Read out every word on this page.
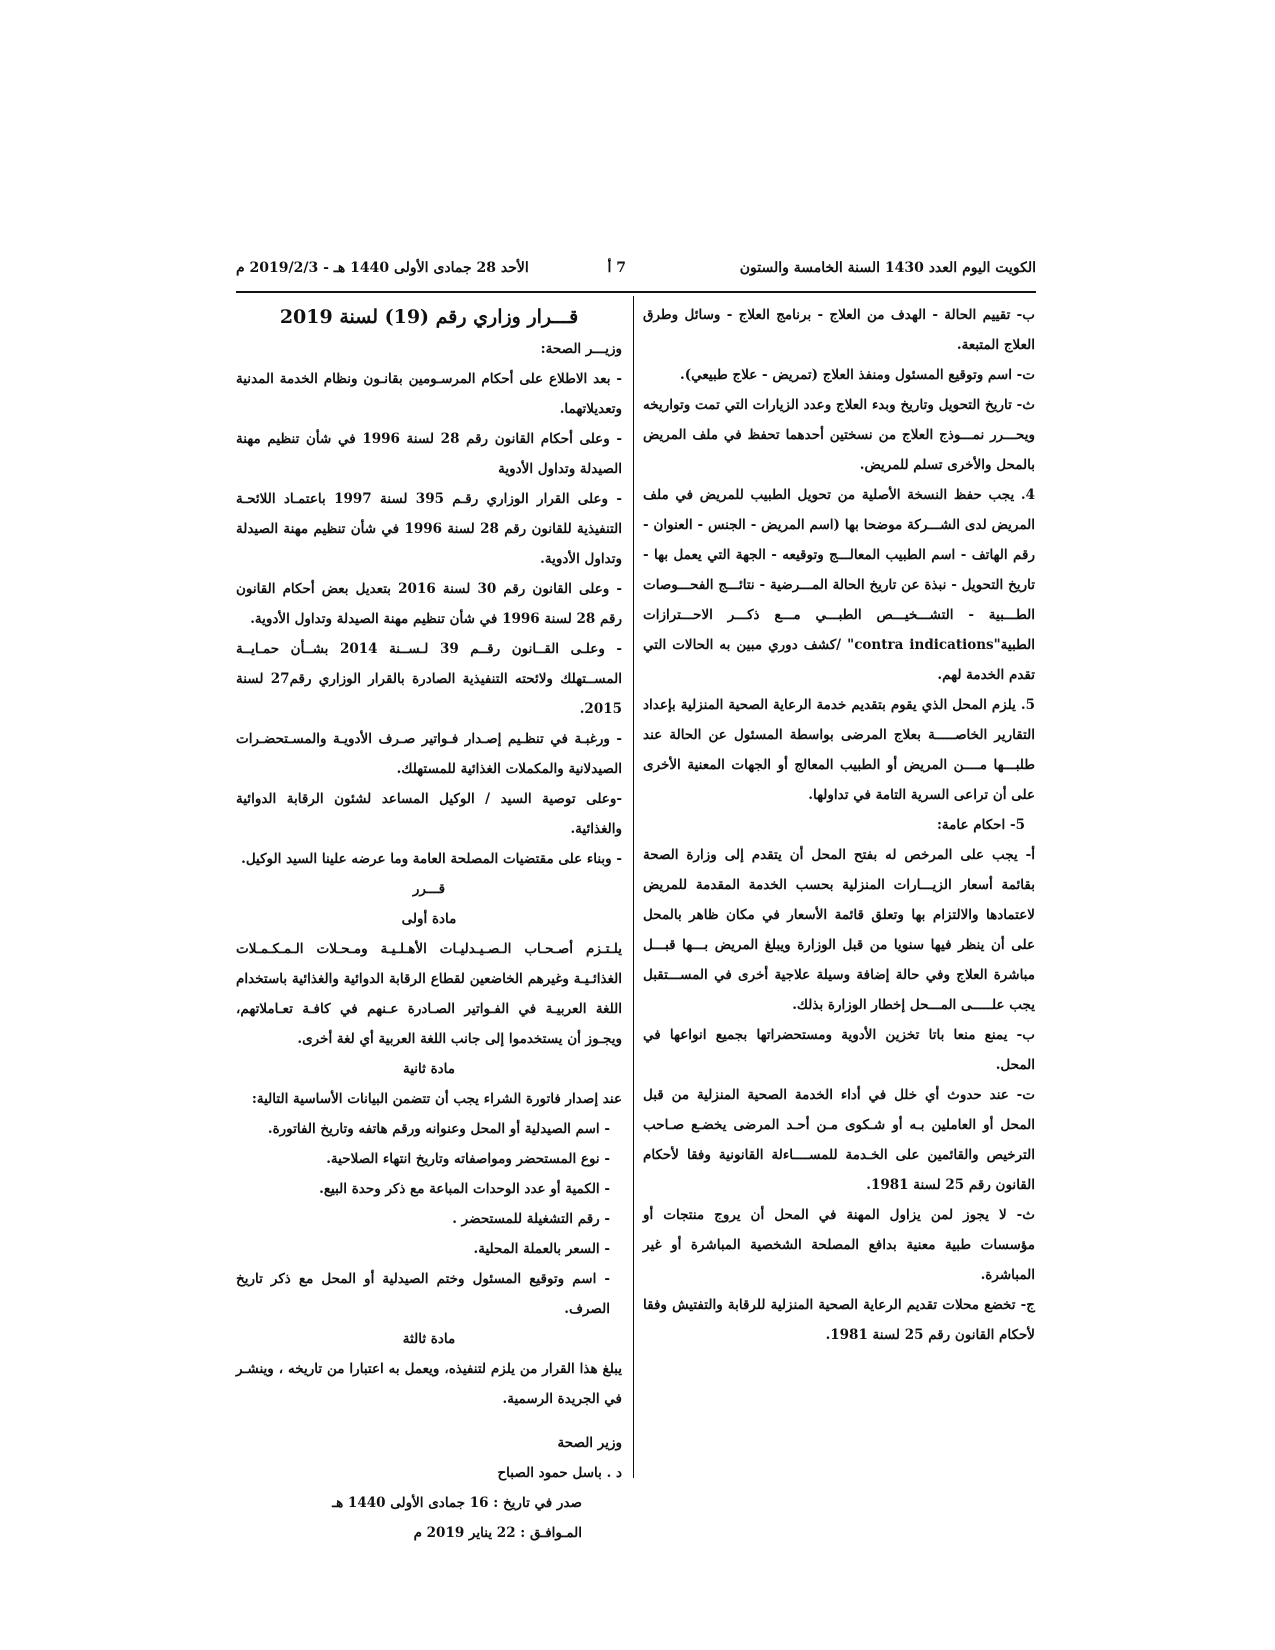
الكويت اليوم العدد 1430 السنة الخامسة والستون
7 أ
الأحد 28 جمادى الأولى 1440 هـ - 2019/2/3 م

ب- تقييم الحالة - الهدف من العلاج - برنامج العلاج - وسائل وطرق العلاج المتبعة.

ت- اسم وتوقيع المسئول ومنفذ العلاج (تمريض - علاج طبيعي).

ث- تاريخ التحويل وتاريخ وبدء العلاج وعدد الزيارات التي تمت وتواريخه ويحـــرر نمـــوذج العلاج من نسختين أحدهما تحفظ في ملف المريض بالمحل والأخرى تسلم للمريض.

4. يجب حفظ النسخة الأصلية من تحويل الطبيب للمريض في ملف المريض لدى الشـــركة موضحا بها (اسم المريض - الجنس - العنوان - رقم الهاتف - اسم الطبيب المعالـــج وتوقيعه - الجهة التي يعمل بها - تاريخ التحويل - نبذة عن تاريخ الحالة المـــرضية - نتائـــج الفحـــوصات الطـــبية - التشـــخيـــص الطبـــي مـــع ذكـــر الاحـــترازات الطبية"contra indications" /كشف دوري مبين به الحالات التي تقدم الخدمة لهم.

5. يلزم المحل الذي يقوم بتقديم خدمة الرعاية الصحية المنزلية بإعداد التقارير الخاصـــــة بعلاج المرضى بواسطة المسئول عن الحالة عند طلبـــها مــــن المريض أو الطبيب المعالج أو الجهات المعنية الأخرى على أن تراعى السرية التامة في تداولها.

5- احكام عامة:

أ- يجب على المرخص له بفتح المحل أن يتقدم إلى وزارة الصحة بقائمة أسعار الزيـــارات المنزلية بحسب الخدمة المقدمة للمريض لاعتمادها والالتزام بها وتعلق قائمة الأسعار في مكان ظاهر بالمحل على أن ينظر فيها سنويا من قبل الوزارة ويبلغ المريض بـــها قبـــل مباشرة العلاج وفي حالة إضافة وسيلة علاجية أخرى في المســـتقبل يجب علـــــى المـــحل إخطار الوزارة بذلك.

ب- يمنع منعا باتا تخزين الأدوية ومستحضراتها بجميع انواعها في المحل.

ت- عند حدوث أي خلل في أداء الخدمة الصحية المنزلية من قبل المحل أو العاملين بـه أو شـكوى مـن أحـد المرضى يخضـع صـاحب الترخيص والقائمين على الخـدمة للمســــاءلة القانونية وفقا لأحكام القانون رقم 25 لسنة 1981.

ث- لا يجوز لمن يزاول المهنة في المحل أن يروج منتجات أو مؤسسات طبية معنية بدافع المصلحة الشخصية المباشرة أو غير المباشرة.

ج- تخضع محلات تقديم الرعاية الصحية المنزلية للرقابة والتفتيش وفقا لأحكام القانون رقم 25 لسنة 1981.

قـــرار وزاري رقم (19) لسنة 2019

وزيـــر الصحة:

- بعد الاطلاع على أحكام المرسـومين بقانـون ونظام الخدمة المدنية وتعديلاتهما.

- وعلى أحكام القانون رقم 28 لسنة 1996 في شأن تنظيم مهنة الصيدلة وتداول الأدوية

- وعلى القرار الوزاري رقـم 395 لسنة 1997 باعتمـاد اللائحـة التنفيذية للقانون رقم 28 لسنة 1996 في شأن تنظيم مهنة الصيدلة وتداول الأدوية.

- وعلى القانون رقم 30 لسنة 2016 بتعديل بعض أحكام القانون رقم 28 لسنة 1996 في شأن تنظيم مهنة الصيدلة وتداول الأدوية.

- وعلـى القــانون رقــم 39 لـســنة 2014 بشــأن حمـايــة المســتهلك ولائحته التنفيذية الصادرة بالقرار الوزاري رقم27 لسنة 2015.

- ورغبـة في تنظـيم إصـدار فـواتير صـرف الأدويـة والمسـتحضـرات الصيدلانية والمكملات الغذائية للمستهلك.

-وعلى توصية السيد / الوكيل المساعد لشئون الرقابة الدوائية والغذائية.

- وبناء على مقتضيات المصلحة العامة وما عرضه علينا السيد الوكيل.

قـــرر

مادة أولى

يلـتـزم أصـحـاب الـصـيـدليـات الأهـلـيـة ومـحـلات الـمـكـمـلات الغذائـيـة وغيرهم الخاضعين لقطاع الرقابة الدوائية والغذائية باستخدام اللغة العربيـة في الفـواتير الصـادرة عـنهم في كافـة تعـاملاتهم، ويجـوز أن يستخدموا إلى جانب اللغة العربية أي لغة أخرى.

مادة ثانية

عند إصدار فاتورة الشراء يجب أن تتضمن البيانات الأساسية التالية:

- اسم الصيدلية أو المحل وعنوانه ورقم هاتفه وتاريخ الفاتورة.

- نوع المستحضر ومواصفاته وتاريخ انتهاء الصلاحية.

- الكمية أو عدد الوحدات المباعة مع ذكر وحدة البيع.

- رقم التشغيلة للمستحضر .

- السعر بالعملة المحلية.

- اسم وتوقيع المسئول وختم الصيدلية أو المحل مع ذكر تاريخ الصرف.

مادة ثالثة

يبلغ هذا القرار من يلزم لتنفيذه، ويعمل به اعتبارا من تاريخه ، وينشـر في الجريدة الرسمية.

وزير الصحة

د . باسل حمود الصباح

صدر في تاريخ : 16 جمادى الأولى 1440 هـ

المـوافـق : 22 يناير 2019 م
